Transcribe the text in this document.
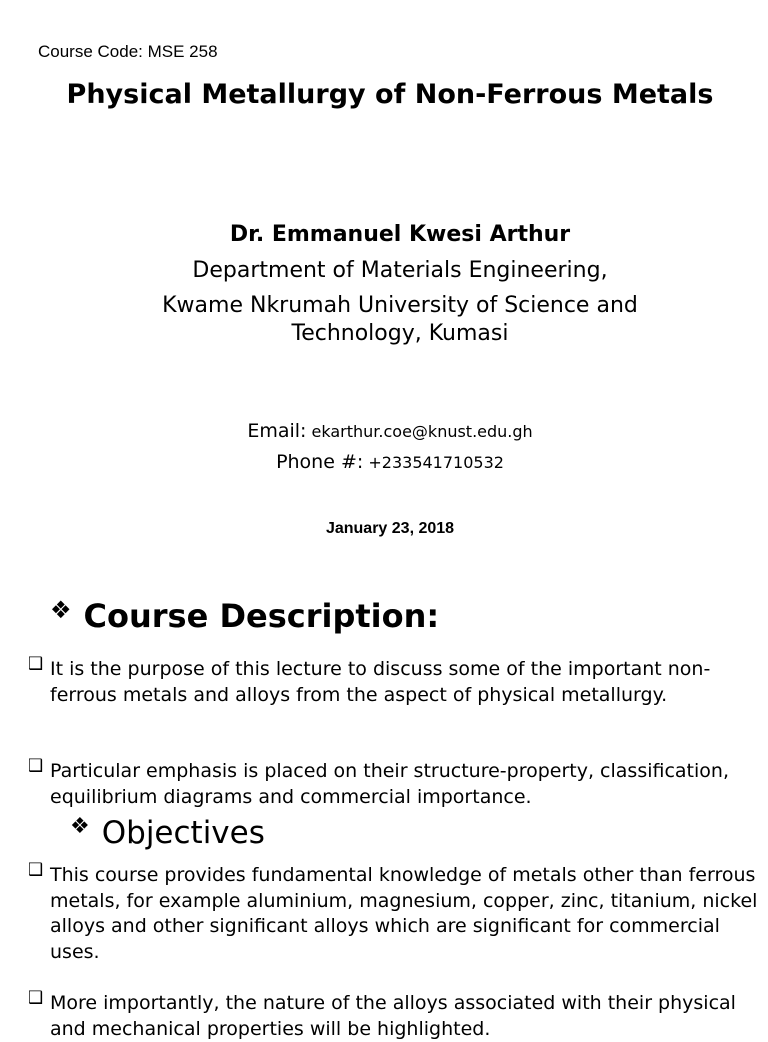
Course Code: MSE 258
Physical Metallurgy of Non-Ferrous Metals
Dr. Emmanuel Kwesi Arthur
Department of Materials Engineering,
Kwame Nkrumah University of Science and Technology, Kumasi
Email: ekarthur.coe@knust.edu.gh
Phone #: +233541710532
January 23, 2018
❖ Course Description:
❑ It is the purpose of this lecture to discuss some of the important non-ferrous metals and alloys from the aspect of physical metallurgy.
❑ Particular emphasis is placed on their structure-property, classification, equilibrium diagrams and commercial importance.
❖ Objectives
❑ This course provides fundamental knowledge of metals other than ferrous metals, for example aluminium, magnesium, copper, zinc, titanium, nickel alloys and other significant alloys which are significant for commercial uses.
❑ More importantly, the nature of the alloys associated with their physical and mechanical properties will be highlighted.
